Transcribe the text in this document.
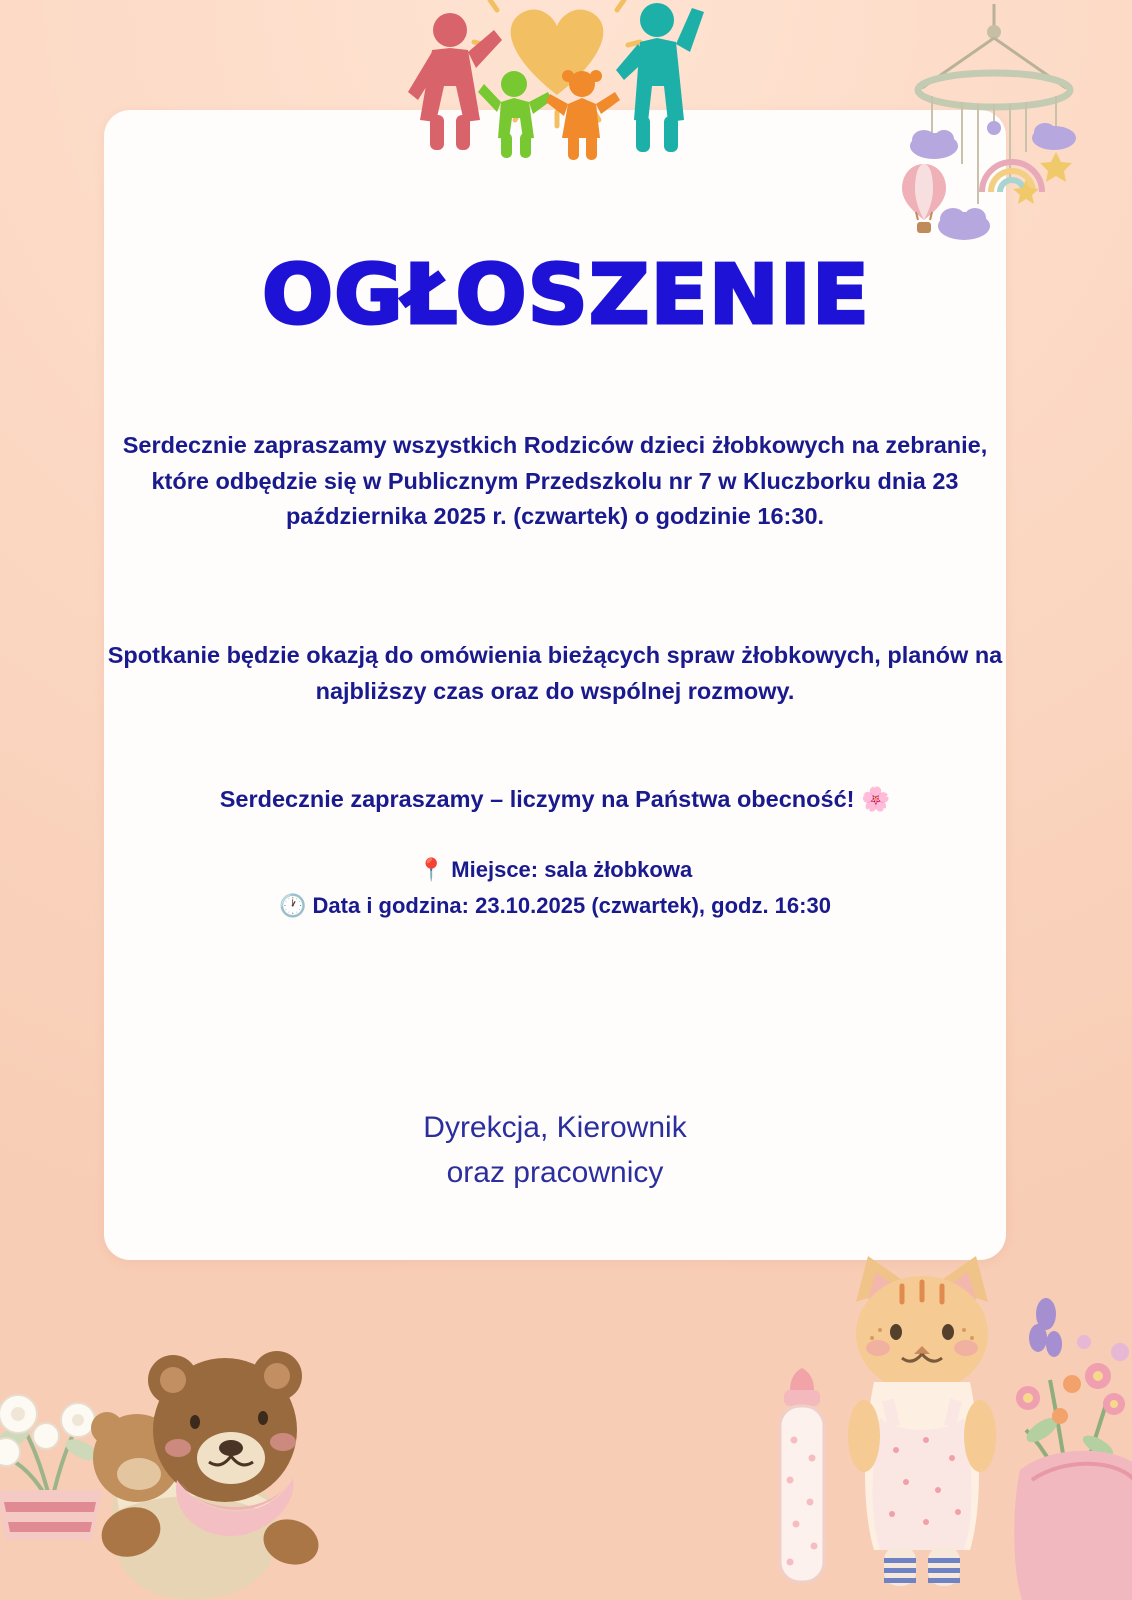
OGŁOSZENIE
Serdecznie zapraszamy wszystkich Rodziców dzieci żłobkowych na zebranie, które odbędzie się w Publicznym Przedszkolu nr 7 w Kluczborku dnia 23 października 2025 r. (czwartek) o godzinie 16:30.
Spotkanie będzie okazją do omówienia bieżących spraw żłobkowych, planów na najbliższy czas oraz do wspólnej rozmowy.
Serdecznie zapraszamy – liczymy na Państwa obecność! 🌸
📍 Miejsce: sala żłobkowa
🕐 Data i godzina: 23.10.2025 (czwartek), godz. 16:30
Dyrekcja, Kierownik
oraz pracownicy
